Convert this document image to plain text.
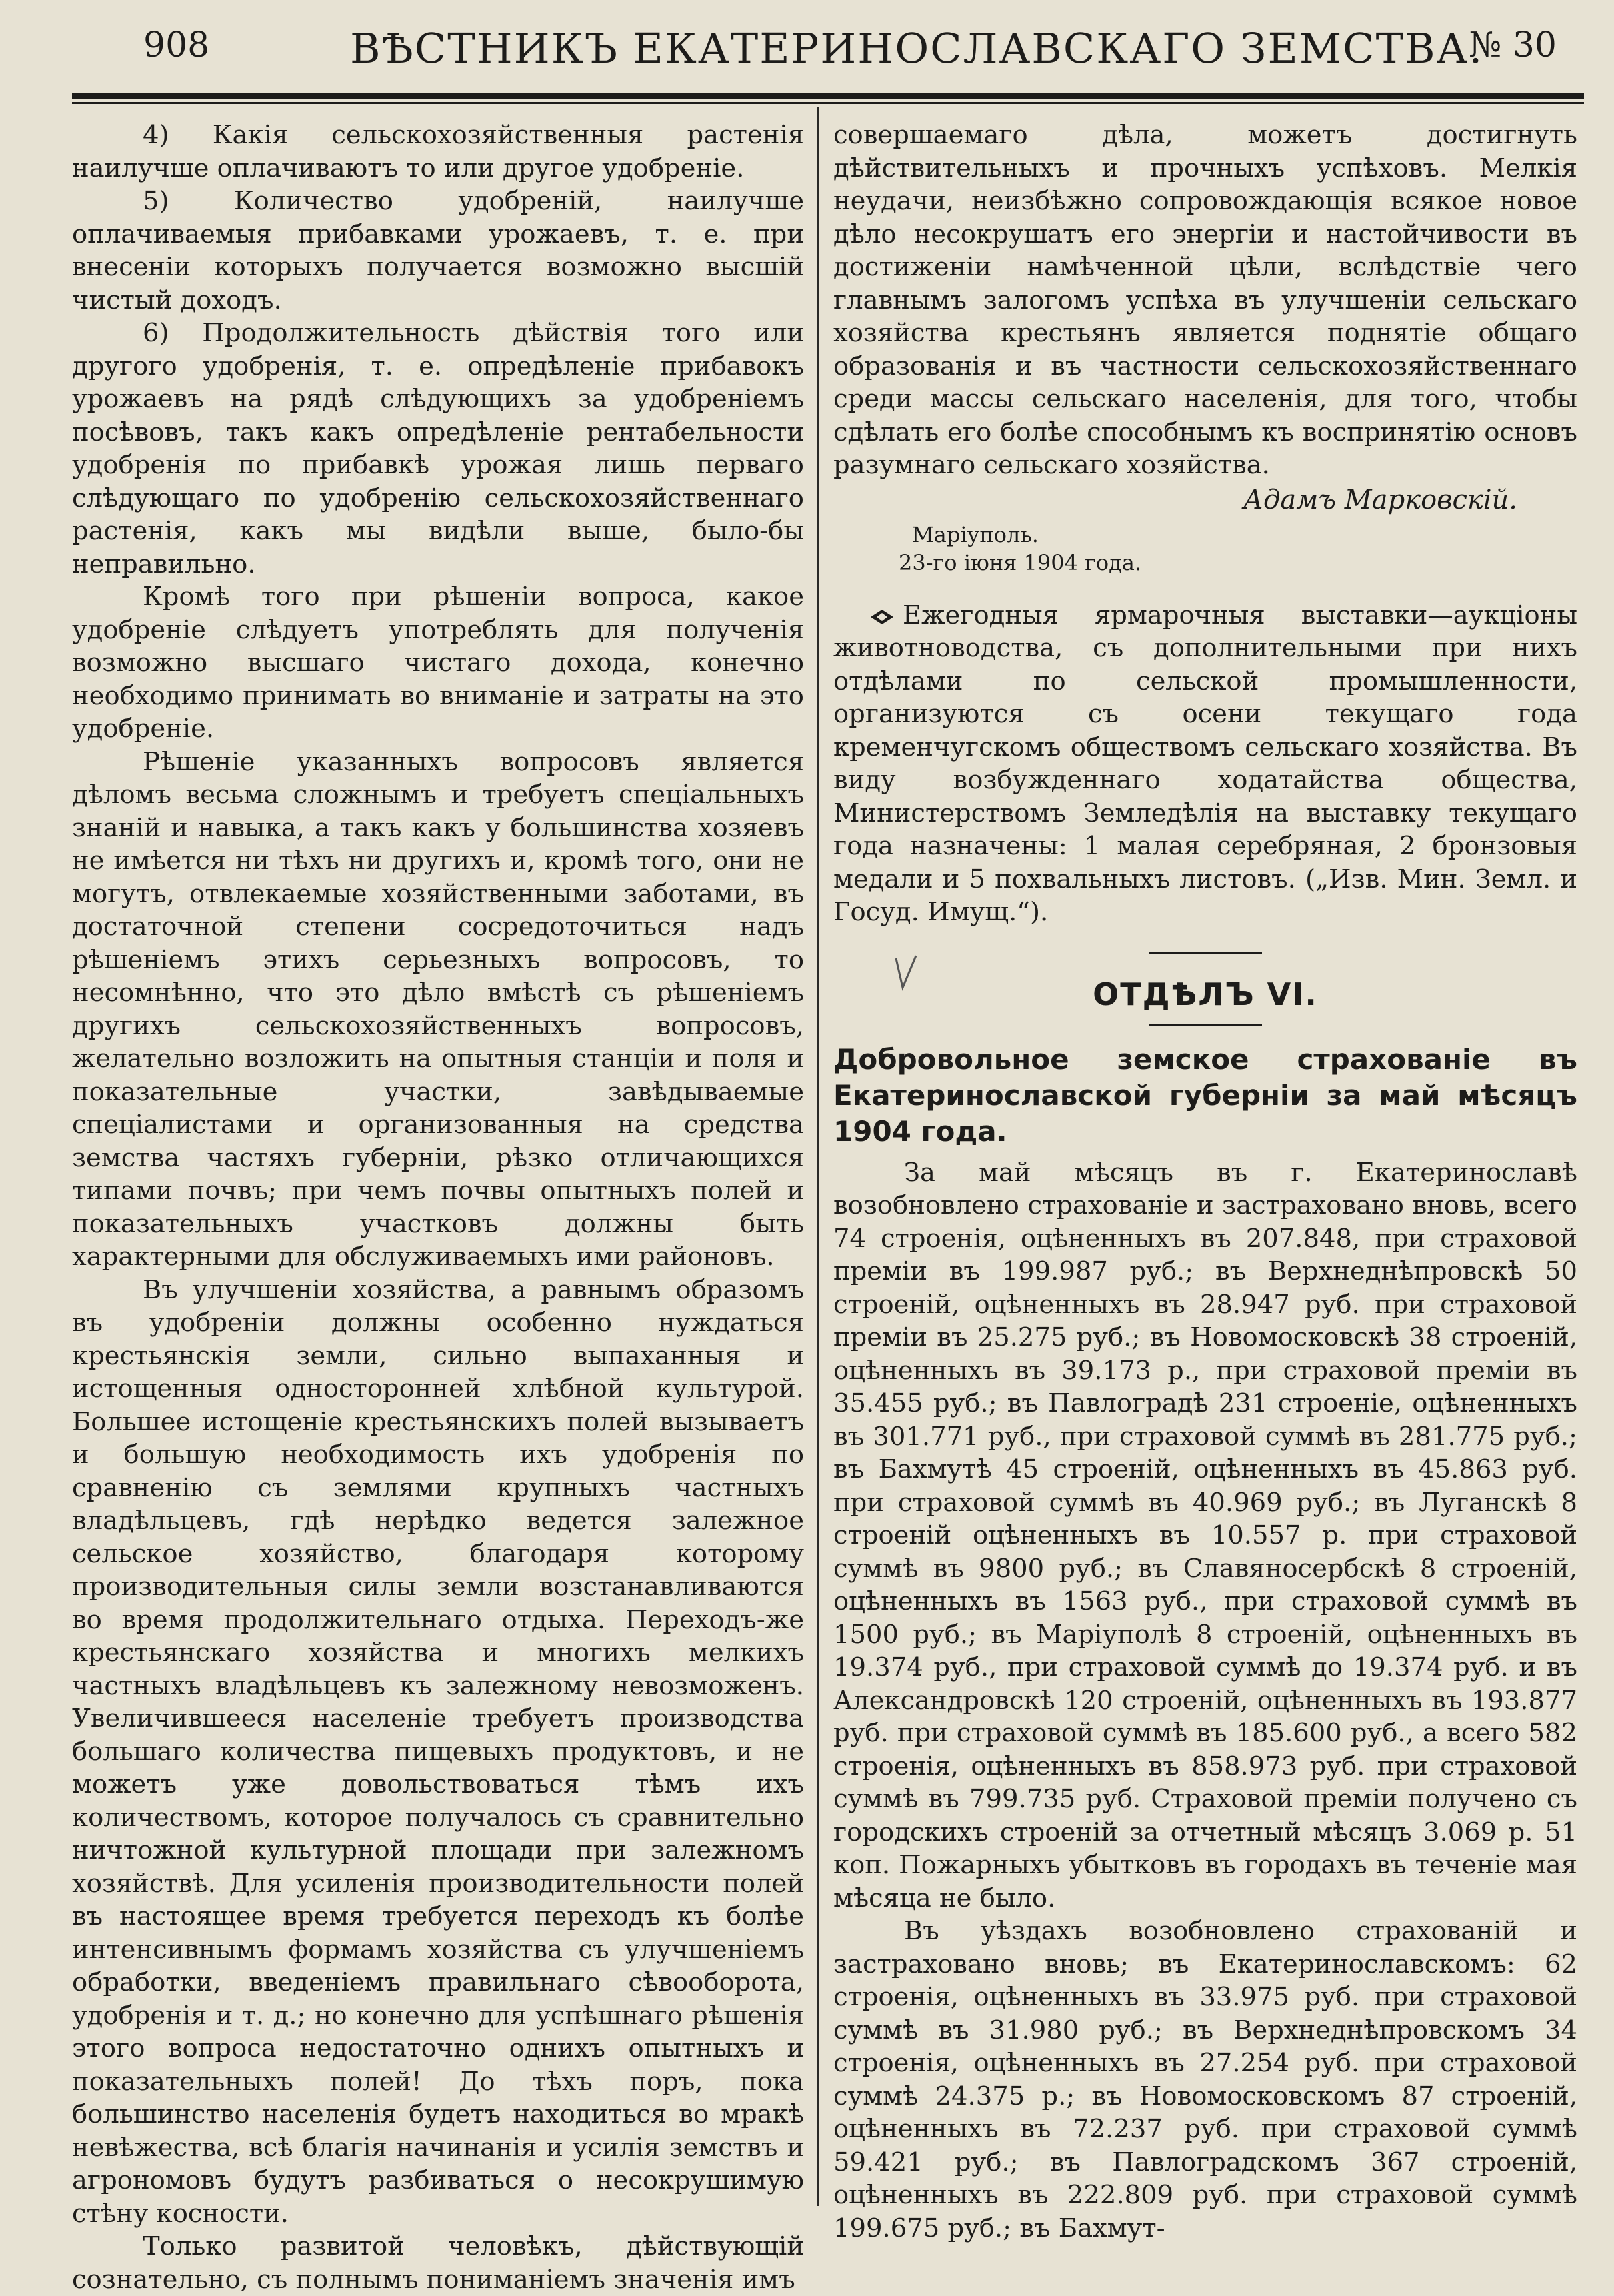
908	ВѢСТНИКЪ ЕКАТЕРИНОСЛАВСКАГО ЗЕМСТВА.
№ 30

4) Какія сельскохозяйственныя растенія наилучше оплачиваютъ то или другое удобреніе.

5) Количество удобреній, наилучше оплачиваемыя прибавками урожаевъ, т. е. при внесеніи которыхъ получается возможно высшій чистый доходъ.

6) Продолжительность дѣйствія того или другого удобренія, т. е. опредѣленіе прибавокъ урожаевъ на рядѣ слѣдующихъ за удобреніемъ посѣвовъ, такъ какъ опредѣленіе рентабельности удобренія по прибавкѣ урожая лишь перваго слѣдующаго по удобренію сельскохозяйственнаго растенія, какъ мы видѣли выше, было-бы неправильно.

Кромѣ того при рѣшеніи вопроса, какое удобреніе слѣдуетъ употреблять для полученія возможно высшаго чистаго дохода, конечно необходимо принимать во вниманіе и затраты на это удобреніе.

Рѣшеніе указанныхъ вопросовъ является дѣломъ весьма сложнымъ и требуетъ спеціальныхъ знаній и навыка, а такъ какъ у большинства хозяевъ не имѣется ни тѣхъ ни другихъ и, кромѣ того, они не могутъ, отвлекаемые хозяйственными заботами, въ достаточной степени сосредоточиться надъ рѣшеніемъ этихъ серьезныхъ вопросовъ, то несомнѣнно, что это дѣло вмѣстѣ съ рѣшеніемъ другихъ сельскохозяйственныхъ вопросовъ, желательно возложить на опытныя станціи и поля и показательные участки, завѣдываемые спеціалистами и организованныя на средства земства частяхъ губерніи, рѣзко отличающихся типами почвъ; при чемъ почвы опытныхъ полей и показательныхъ участковъ должны быть характерными для обслуживаемыхъ ими районовъ.

Въ улучшеніи хозяйства, а равнымъ образомъ въ удобреніи должны особенно нуждаться крестьянскія земли, сильно выпаханныя и истощенныя односторонней хлѣбной культурой. Большее истощеніе крестьянскихъ полей вызываетъ и большую необходимость ихъ удобренія по сравненію съ землями крупныхъ частныхъ владѣльцевъ, гдѣ нерѣдко ведется залежное сельское хозяйство, благодаря которому производительныя силы земли возстанавливаются во время продолжительнаго отдыха. Переходъ-же крестьянскаго хозяйства и многихъ мелкихъ частныхъ владѣльцевъ къ залежному невозможенъ. Увеличившееся населеніе требуетъ производства большаго количества пищевыхъ продуктовъ, и не можетъ уже довольствоваться тѣмъ ихъ количествомъ, которое получалось съ сравнительно ничтожной культурной площади при залежномъ хозяйствѣ. Для усиленія производительности полей въ настоящее время требуется переходъ къ болѣе интенсивнымъ формамъ хозяйства съ улучшеніемъ обработки, введеніемъ правильнаго сѣвооборота, удобренія и т. д.; но конечно для успѣшнаго рѣшенія этого вопроса недостаточно однихъ опытныхъ и показательныхъ полей! До тѣхъ поръ, пока большинство населенія будетъ находиться во мракѣ невѣжества, всѣ благія начинанія и усилія земствъ и агрономовъ будутъ разбиваться о несокрушимую стѣну косности.

Только развитой человѣкъ, дѣйствующій сознательно, съ полнымъ пониманіемъ значенія имъ

совершаемаго дѣла, можетъ достигнуть дѣйствительныхъ и прочныхъ успѣховъ. Мелкія неудачи, неизбѣжно сопровождающія всякое новое дѣло несокрушатъ его энергіи и настойчивости въ достиженіи намѣченной цѣли, вслѣдствіе чего главнымъ залогомъ успѣха въ улучшеніи сельскаго хозяйства крестьянъ является поднятіе общаго образованія и въ частности сельскохозяйственнаго среди массы сельскаго населенія, для того, чтобы сдѣлать его болѣе способнымъ къ воспринятію основъ разумнаго сельскаго хозяйства.

Адамъ Марковскій.
Маріуполь.
23-го іюня 1904 года.

Ежегодныя ярмарочныя выставки—аукціоны животноводства, съ дополнительными при нихъ отдѣлами по сельской промышленности, организуются съ осени текущаго года кременчугскомъ обществомъ сельскаго хозяйства. Въ виду возбужденнаго ходатайства общества, Министерствомъ Земледѣлія на выставку текущаго года назначены: 1 малая серебряная, 2 бронзовыя медали и 5 похвальныхъ листовъ. („Изв. Мин. Земл. и Госуд. Имущ.“).

ОТДѢЛЪ VI.
Добровольное земское страхованіе въ Екатеринославской губерніи за май мѣсяцъ 1904 года.

За май мѣсяцъ въ г. Екатеринославѣ возобновлено страхованіе и застраховано вновь, всего 74 строенія, оцѣненныхъ въ 207.848, при страховой преміи въ 199.987 руб.; въ Верхнеднѣпровскѣ 50 строеній, оцѣненныхъ въ 28.947 руб. при страховой преміи въ 25.275 руб.; въ Новомосковскѣ 38 строеній, оцѣненныхъ въ 39.173 р., при страховой преміи въ 35.455 руб.; въ Павлоградѣ 231 строеніе, оцѣненныхъ въ 301.771 руб., при страховой суммѣ въ 281.775 руб.; въ Бахмутѣ 45 строеній, оцѣненныхъ въ 45.863 руб. при страховой суммѣ въ 40.969 руб.; въ Луганскѣ 8 строеній оцѣненныхъ въ 10.557 р. при страховой суммѣ въ 9800 руб.; въ Славяносербскѣ 8 строеній, оцѣненныхъ въ 1563 руб., при страховой суммѣ въ 1500 руб.; въ Маріуполѣ 8 строеній, оцѣненныхъ въ 19.374 руб., при страховой суммѣ до 19.374 руб. и въ Александровскѣ 120 строеній, оцѣненныхъ въ 193.877 руб. при страховой суммѣ въ 185.600 руб., а всего 582 строенія, оцѣненныхъ въ 858.973 руб. при страховой суммѣ въ 799.735 руб. Страховой преміи получено съ городскихъ строеній за отчетный мѣсяцъ 3.069 р. 51 коп. Пожарныхъ убытковъ въ городахъ въ теченіе мая мѣсяца не было.

Въ уѣздахъ возобновлено страхованій и застраховано вновь; въ Екатеринославскомъ: 62 строенія, оцѣненныхъ въ 33.975 руб. при страховой суммѣ въ 31.980 руб.; въ Верхнеднѣпровскомъ 34 строенія, оцѣненныхъ въ 27.254 руб. при страховой суммѣ 24.375 р.; въ Новомосковскомъ 87 строеній, оцѣненныхъ въ 72.237 руб. при страховой суммѣ 59.421 руб.; въ Павлоградскомъ 367 строеній, оцѣненныхъ въ 222.809 руб. при страховой суммѣ 199.675 руб.; въ Бахмут-
